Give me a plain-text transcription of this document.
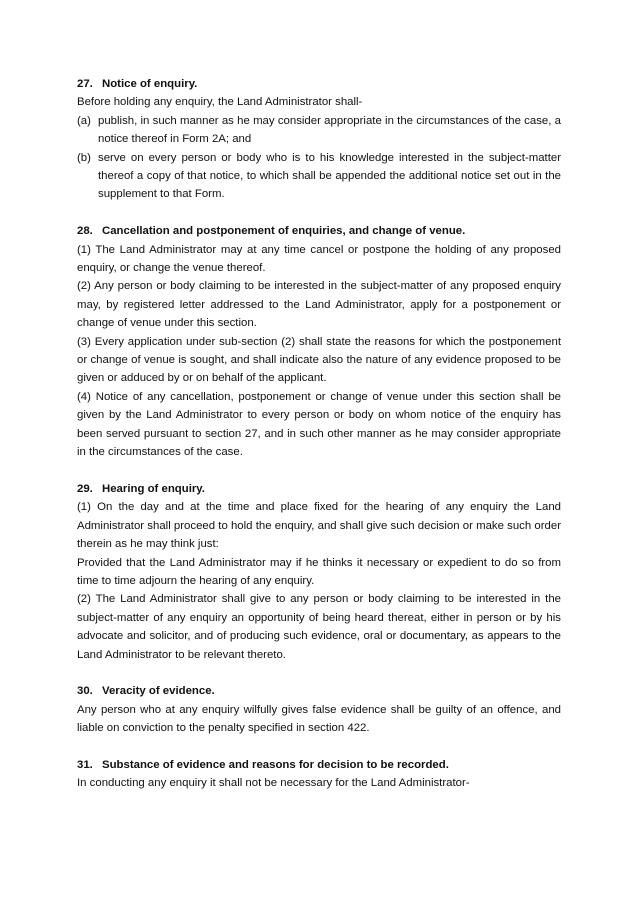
27. Notice of enquiry.

Before holding any enquiry, the Land Administrator shall-

(a) publish, in such manner as he may consider appropriate in the circumstances of the case, a notice thereof in Form 2A; and
(b) serve on every person or body who is to his knowledge interested in the subject-matter thereof a copy of that notice, to which shall be appended the additional notice set out in the supplement to that Form.
28. Cancellation and postponement of enquiries, and change of venue.

(1) The Land Administrator may at any time cancel or postpone the holding of any proposed enquiry, or change the venue thereof.

(2) Any person or body claiming to be interested in the subject-matter of any proposed enquiry may, by registered letter addressed to the Land Administrator, apply for a postponement or change of venue under this section.

(3) Every application under sub-section (2) shall state the reasons for which the postponement or change of venue is sought, and shall indicate also the nature of any evidence proposed to be given or adduced by or on behalf of the applicant.

(4) Notice of any cancellation, postponement or change of venue under this section shall be given by the Land Administrator to every person or body on whom notice of the enquiry has been served pursuant to section 27, and in such other manner as he may consider appropriate in the circumstances of the case.

29. Hearing of enquiry.

(1) On the day and at the time and place fixed for the hearing of any enquiry the Land Administrator shall proceed to hold the enquiry, and shall give such decision or make such order therein as he may think just:

Provided that the Land Administrator may if he thinks it necessary or expedient to do so from time to time adjourn the hearing of any enquiry.

(2) The Land Administrator shall give to any person or body claiming to be interested in the subject-matter of any enquiry an opportunity of being heard thereat, either in person or by his advocate and solicitor, and of producing such evidence, oral or documentary, as appears to the Land Administrator to be relevant thereto.

30. Veracity of evidence.

Any person who at any enquiry wilfully gives false evidence shall be guilty of an offence, and liable on conviction to the penalty specified in section 422.

31. Substance of evidence and reasons for decision to be recorded.

In conducting any enquiry it shall not be necessary for the Land Administrator-
